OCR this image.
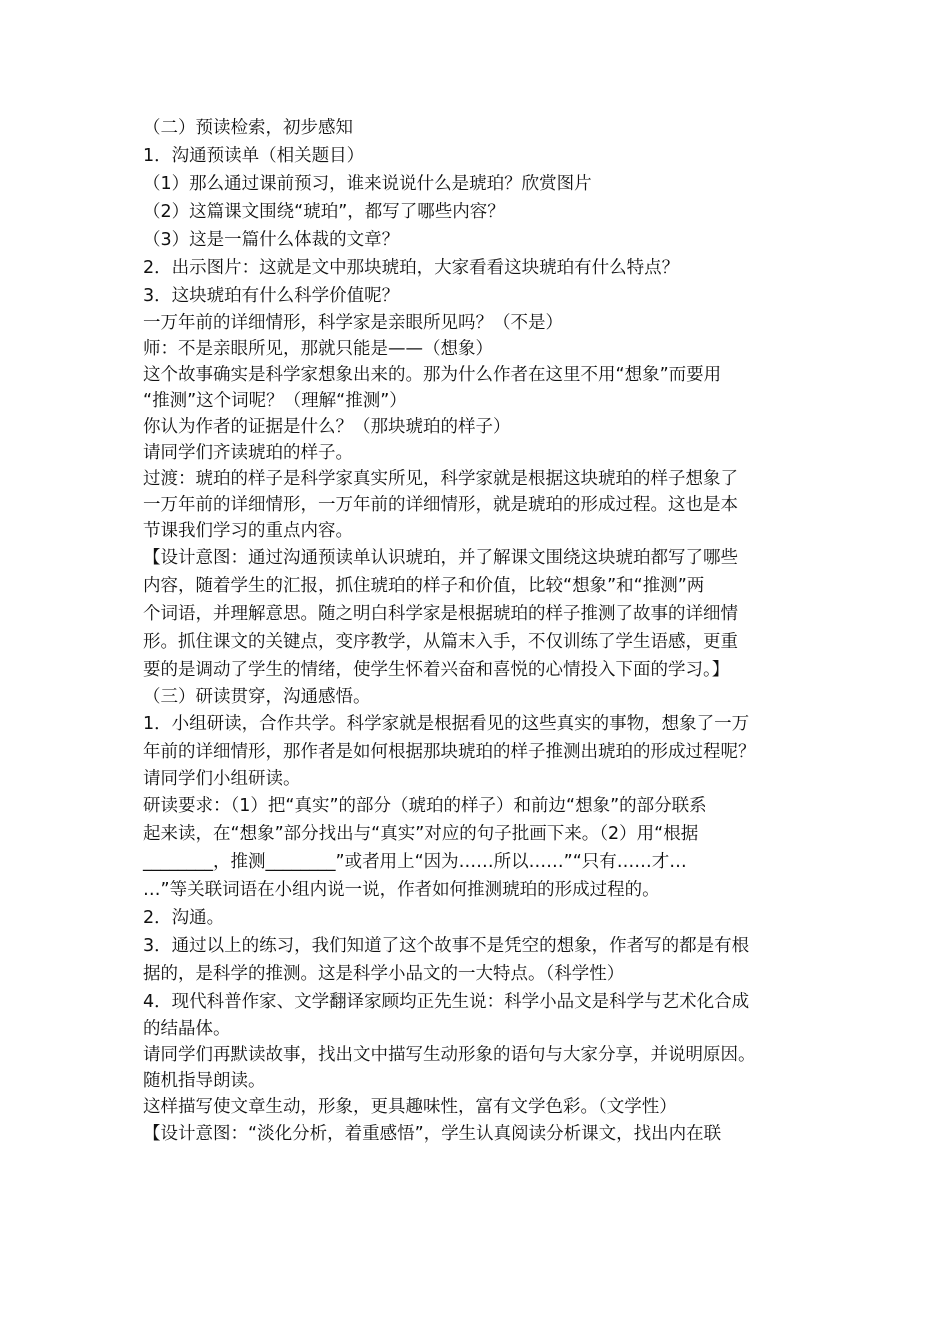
（二）预读检索，初步感知
1．沟通预读单（相关题目）
（1）那么通过课前预习，谁来说说什么是琥珀？欣赏图片
（2）这篇课文围绕“琥珀”，都写了哪些内容？
（3）这是一篇什么体裁的文章？
2．出示图片：这就是文中那块琥珀，大家看看这块琥珀有什么特点？
3．这块琥珀有什么科学价值呢？
一万年前的详细情形，科学家是亲眼所见吗？（不是）
师：不是亲眼所见，那就只能是——（想象）
这个故事确实是科学家想象出来的。那为什么作者在这里不用“想象”而要用
“推测”这个词呢？（理解“推测”）
你认为作者的证据是什么？（那块琥珀的样子）
请同学们齐读琥珀的样子。
过渡：琥珀的样子是科学家真实所见，科学家就是根据这块琥珀的样子想象了
一万年前的详细情形，一万年前的详细情形，就是琥珀的形成过程。这也是本
节课我们学习的重点内容。
【设计意图：通过沟通预读单认识琥珀，并了解课文围绕这块琥珀都写了哪些
内容，随着学生的汇报，抓住琥珀的样子和价值，比较“想象”和“推测”两
个词语，并理解意思。随之明白科学家是根据琥珀的样子推测了故事的详细情
形。抓住课文的关键点，变序教学，从篇末入手，不仅训练了学生语感，更重
要的是调动了学生的情绪，使学生怀着兴奋和喜悦的心情投入下面的学习。】
（三）研读贯穿，沟通感悟。
1．小组研读，合作共学。科学家就是根据看见的这些真实的事物，想象了一万
年前的详细情形，那作者是如何根据那块琥珀的样子推测出琥珀的形成过程呢？
请同学们小组研读。
研读要求：（1）把“真实”的部分（琥珀的样子）和前边“想象”的部分联系
起来读，在“想象”部分找出与“真实”对应的句子批画下来。（2）用“根据
________，推测________”或者用上“因为……所以……”“只有……才…
…”等关联词语在小组内说一说，作者如何推测琥珀的形成过程的。
2．沟通。
3．通过以上的练习，我们知道了这个故事不是凭空的想象，作者写的都是有根
据的，是科学的推测。这是科学小品文的一大特点。（科学性）
4．现代科普作家、文学翻译家顾均正先生说：科学小品文是科学与艺术化合成
的结晶体。
请同学们再默读故事，找出文中描写生动形象的语句与大家分享，并说明原因。
随机指导朗读。
这样描写使文章生动，形象，更具趣味性，富有文学色彩。（文学性）
【设计意图：“淡化分析，着重感悟”，学生认真阅读分析课文，找出内在联
